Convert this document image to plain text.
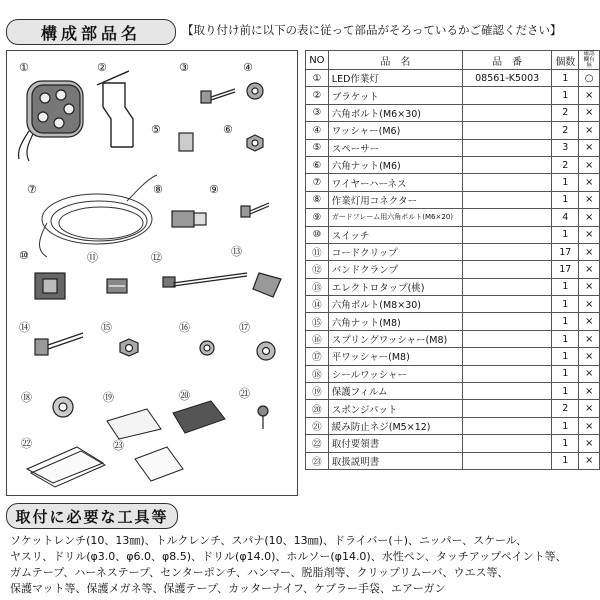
構成部品名	【取り付け前に以下の表に従って部品がそろっているかご確認ください】
①	②	③	④
⑤	⑥
⑦	⑧	⑨
⑩	⑪	⑫	⑬
⑭	⑮	⑯	⑰
⑱	⑲	⑳	㉑
㉒	㉓
NO	品　名	品　番	個数	確認欄有無
①	LED作業灯	08561-K5003	1	○
②	ブラケット		1	×
③	六角ボルト(M6×30)		2	×
④	ワッシャー(M6)		2	×
⑤	スペーサー		3	×
⑥	六角ナット(M6)		2	×
⑦	ワイヤーハーネス		1	×
⑧	作業灯用コネクター		1	×
⑨	ガードフレーム用六角ボルト(M6×20)		4	×
⑩	スイッチ		1	×
⑪	コードクリップ		17	×
⑫	バンドクランプ		17	×
⑬	エレクトロタップ(桃)		1	×
⑭	六角ボルト(M8×30)		1	×
⑮	六角ナット(M8)		1	×
⑯	スプリングワッシャー(M8)		1	×
⑰	平ワッシャー(M8)		1	×
⑱	シールワッシャー		1	×
⑲	保護フィルム		1	×
⑳	スポンジパット		2	×
㉑	緩み防止ネジ(M5×12)		1	×
㉒	取付要領書		1	×
㉓	取扱説明書		1	×
取付に必要な工具等
ソケットレンチ(10、13㎜)、トルクレンチ、スパナ(10、13㎜)、ドライバー(＋)、ニッパー、スケール、
ヤスリ、ドリル(φ3.0、φ6.0、φ8.5)、ドリル(φ14.0)、ホルソー(φ14.0)、水性ペン、タッチアップペイント等、
ガムテープ、ハーネステープ、センターポンチ、ハンマー、脱脂剤等、クリップリムーバ、ウエス等、
保護マット等、保護メガネ等、保護テープ、カッターナイフ、ケブラー手袋、エアーガン
